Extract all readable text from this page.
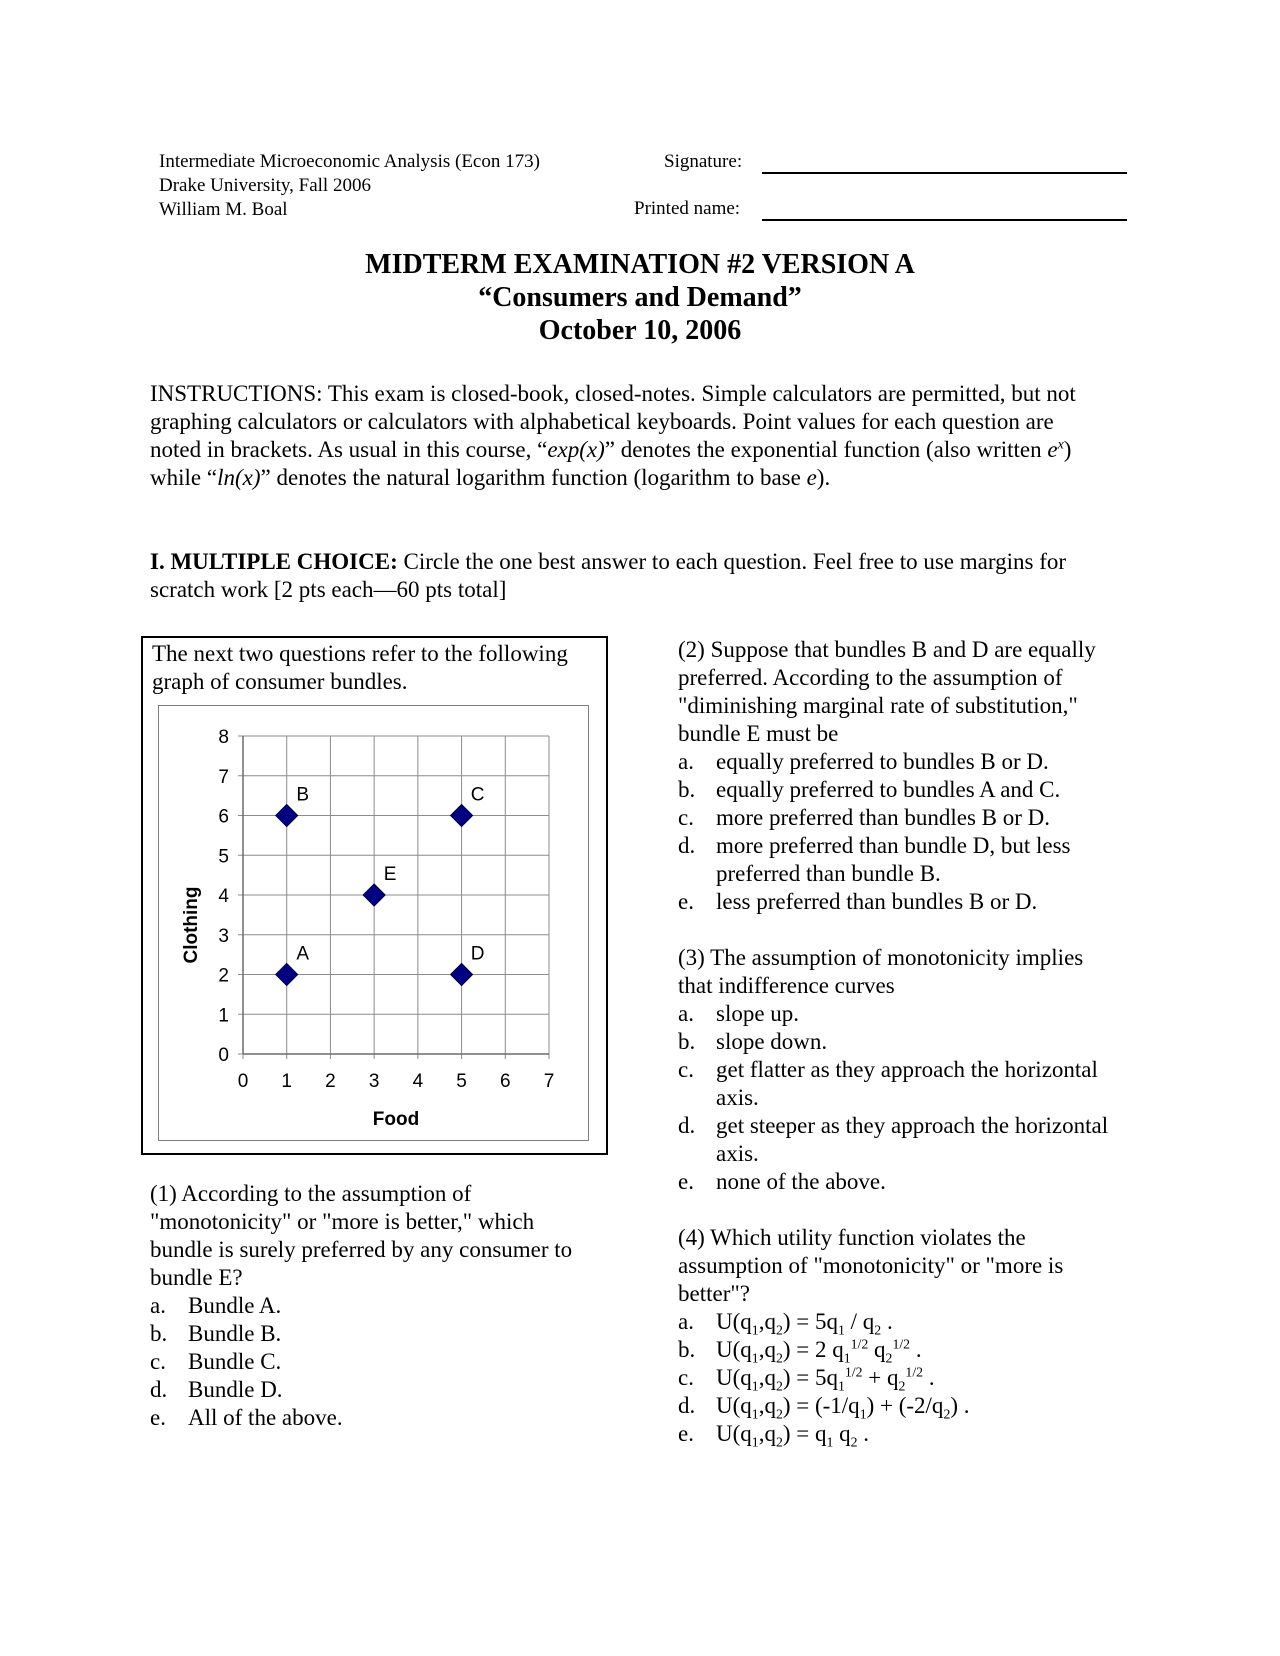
Intermediate Microeconomic Analysis (Econ 173)
Drake University, Fall 2006
William M. Boal
Signature:
Printed name:
MIDTERM EXAMINATION #2 VERSION A
“Consumers and Demand”
October 10, 2006
INSTRUCTIONS: This exam is closed-book, closed-notes. Simple calculators are permitted, but not graphing calculators or calculators with alphabetical keyboards. Point values for each question are noted in brackets. As usual in this course, “exp(x)” denotes the exponential function (also written $e^x$) while “ln(x)” denotes the natural logarithm function (logarithm to base e).
I. MULTIPLE CHOICE: Circle the one best answer to each question. Feel free to use margins for scratch work [2 pts each—60 pts total]
The next two questions refer to the following graph of consumer bundles.
0 1 2 3 4 5 6 7
0
1
2
3
4
5
6
7
8
Food
Clothing	A
B	C
D
E
(1) According to the assumption of "monotonicity" or "more is better," which bundle is surely preferred by any consumer to bundle E?
a. Bundle A.
b. Bundle B.
c. Bundle C.
d. Bundle D.
e. All of the above.
(2) Suppose that bundles B and D are equally preferred. According to the assumption of "diminishing marginal rate of substitution," bundle E must be
a. equally preferred to bundles B or D.
b. equally preferred to bundles A and C.
c. more preferred than bundles B or D.
d. more preferred than bundle D, but less preferred than bundle B.
e. less preferred than bundles B or D.
(3) The assumption of monotonicity implies that indifference curves
a. slope up.
b. slope down.
c. get flatter as they approach the horizontal axis.
d. get steeper as they approach the horizontal axis.
e. none of the above.
(4) Which utility function violates the assumption of "monotonicity" or "more is better"?
a. $U(q_1,q_2) = 5q_1 / q_2$ .
b. $U(q_1,q_2) = 2$ $q_1^{1/2}$ $q_2^{1/2}$ .
c. $U(q_1,q_2) = 5q_1^{1/2} + q_2^{1/2}$ .
d. $U(q_1,q_2) = (-1/q_1) + (-2/q_2)$ .
e. $U(q_1,q_2) = q_1$ $q_2$ .
